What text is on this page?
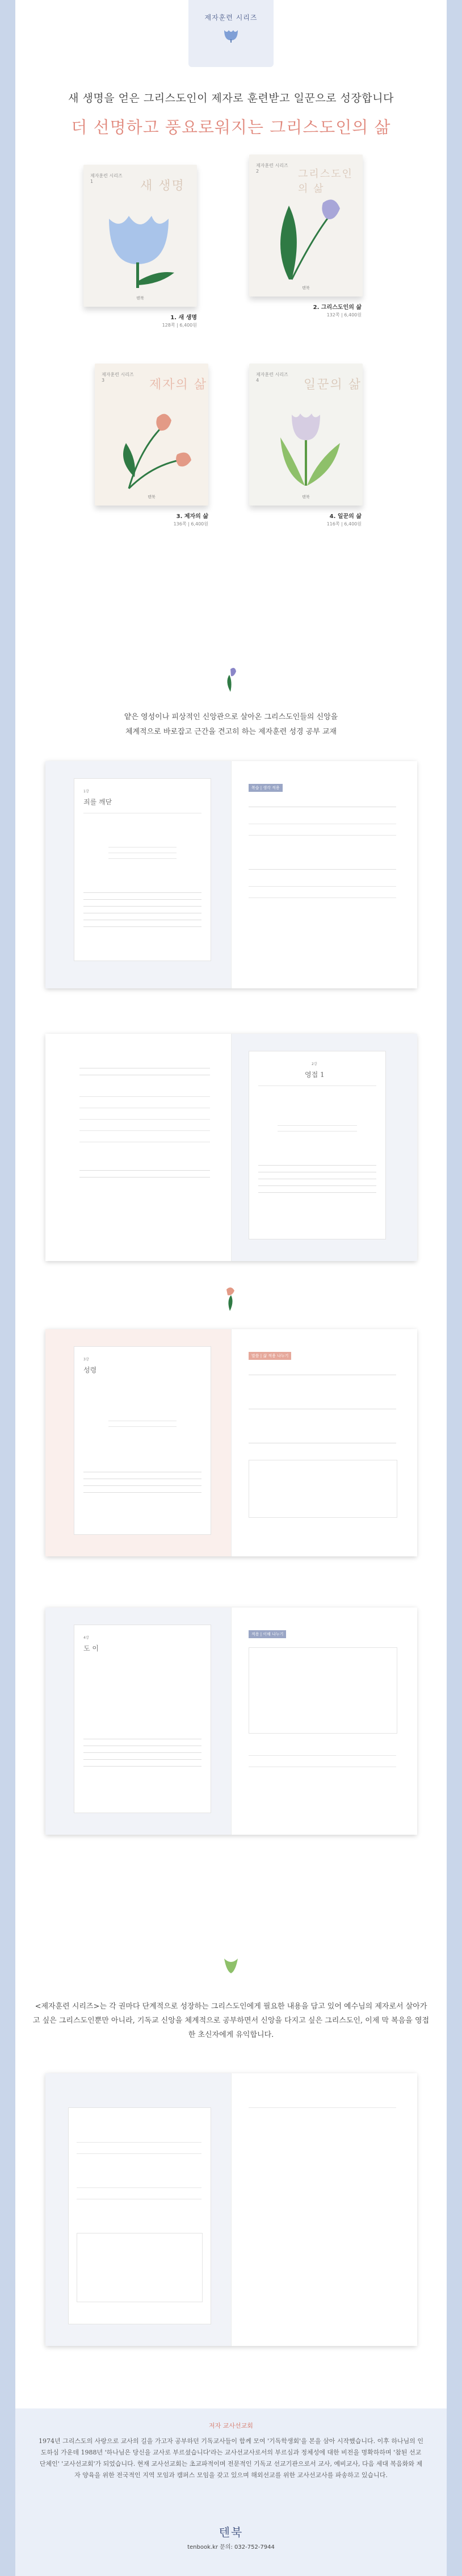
제자훈련 시리즈
새 생명을 얻은 그리스도인이 제자로 훈련받고 일꾼으로 성장합니다
더 선명하고 풍요로워지는 그리스도인의 삶
제자훈련 시리즈
1	새 생명
텐북
1. 새 생명
128쪽 | 6,400원
제자훈련 시리즈
2	그리스도인의 삶
텐북
2. 그리스도인의 삶
132쪽 | 6,400원
제자훈련 시리즈
3	제자의 삶
텐북
3. 제자의 삶
136쪽 | 6,400원
제자훈련 시리즈
4	일꾼의 삶
텐북
4. 일꾼의 삶
116쪽 | 6,400원
얕은 영성이나 피상적인 신앙관으로 살아온 그리스도인들의 신앙을
체계적으로 바로잡고 근간을 견고히 하는 제자훈련 성경 공부 교재
1강
죄를 깨닫
복습 | 생각 적용
2강
영접 1
3강
성령
말씀 | 삶 적용 나누기
4강
도 이
적용 | 이해 나누기
<제자훈련 시리즈>는 각 권마다 단계적으로 성장하는 그리스도인에게 필요한 내용을 담고 있어 예수님의 제자로서 살아가고 싶은 그리스도인뿐만 아니라, 기독교 신앙을 체계적으로 공부하면서 신앙을 다지고 싶은 그리스도인, 이제 막 복음을 영접한 초신자에게 유익합니다.
저자 교사선교회
1974년 그리스도의 사랑으로 교사의 길을 가고자 공부하던 기독교사들이 함께 모여 '기독학생회'을 본을 삼아 시작했습니다. 이후 하나님의 인도하심 가운데 1988년 '하나님은 당신을 교사로 부르셨습니다'라는 교사선교사로서의 부르심과 정체성에 대한 비전을 명확하하며 '참된 선교단체인' '교사선교회'가 되었습니다. 현재 교사선교회는 초교파적이며 전문적인 기독교 선교기관으로서 교사, 예비교사, 다음 세대 복음화와 제자 양육을 위한 전국적인 지역 모임과 캠퍼스 모임을 갖고 있으며 해외선교를 위한 교사선교사를 파송하고 있습니다.
텐북
tenbook.kr 문의: 032-752-7944
